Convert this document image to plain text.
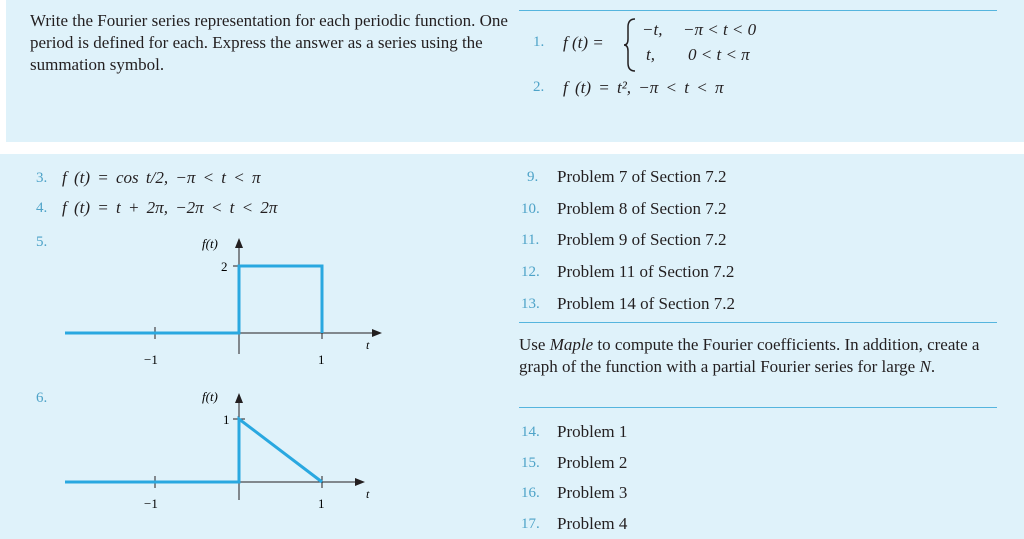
Write the Fourier series representation for each periodic function. One period is defined for each. Express the answer as a series using the summation symbol.
1. f (t) =
−t, −π < t < 0
t, 0 < t < π
2. f (t) = t², −π < t < π
3. f (t) = cos t/2, −π < t < π
4. f (t) = t + 2π, −2π < t < 2π
5.
6.
f(t)
2
t
−1	1
f(t)
1
t
−1	1
9. Problem 7 of Section 7.2
10. Problem 8 of Section 7.2
11. Problem 9 of Section 7.2
12. Problem 11 of Section 7.2
13. Problem 14 of Section 7.2
Use Maple to compute the Fourier coefficients. In addition, create a graph of the function with a partial Fourier series for large N.
14. Problem 1
15. Problem 2
16. Problem 3
17. Problem 4
